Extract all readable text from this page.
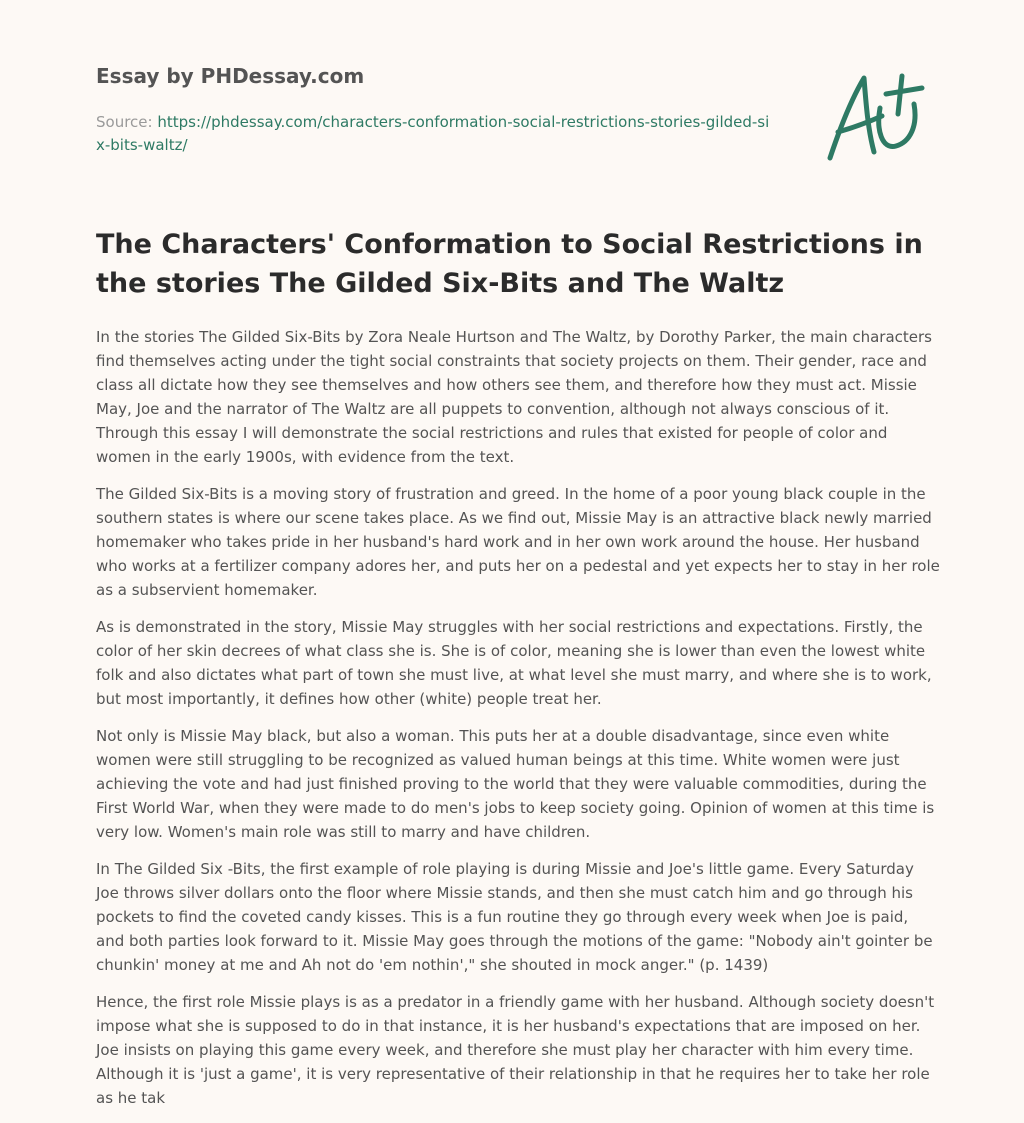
Essay by PHDessay.com

Source: https://phdessay.com/characters-conformation-social-restrictions-stories-gilded-six-bits-waltz/

The Characters' Conformation to Social Restrictions in the stories The Gilded Six-Bits and The Waltz

In the stories The Gilded Six-Bits by Zora Neale Hurtson and The Waltz, by Dorothy Parker, the main characters find themselves acting under the tight social constraints that society projects on them. Their gender, race and class all dictate how they see themselves and how others see them, and therefore how they must act. Missie May, Joe and the narrator of The Waltz are all puppets to convention, although not always conscious of it. Through this essay I will demonstrate the social restrictions and rules that existed for people of color and women in the early 1900s, with evidence from the text.

The Gilded Six-Bits is a moving story of frustration and greed. In the home of a poor young black couple in the southern states is where our scene takes place. As we find out, Missie May is an attractive black newly married homemaker who takes pride in her husband's hard work and in her own work around the house. Her husband who works at a fertilizer company adores her, and puts her on a pedestal and yet expects her to stay in her role as a subservient homemaker.

As is demonstrated in the story, Missie May struggles with her social restrictions and expectations. Firstly, the color of her skin decrees of what class she is. She is of color, meaning she is lower than even the lowest white folk and also dictates what part of town she must live, at what level she must marry, and where she is to work, but most importantly, it defines how other (white) people treat her.

Not only is Missie May black, but also a woman. This puts her at a double disadvantage, since even white women were still struggling to be recognized as valued human beings at this time. White women were just achieving the vote and had just finished proving to the world that they were valuable commodities, during the First World War, when they were made to do men's jobs to keep society going. Opinion of women at this time is very low. Women's main role was still to marry and have children.

In The Gilded Six -Bits, the first example of role playing is during Missie and Joe's little game. Every Saturday Joe throws silver dollars onto the floor where Missie stands, and then she must catch him and go through his pockets to find the coveted candy kisses. This is a fun routine they go through every week when Joe is paid, and both parties look forward to it. Missie May goes through the motions of the game: "Nobody ain't gointer be chunkin' money at me and Ah not do 'em nothin'," she shouted in mock anger." (p. 1439)

Hence, the first role Missie plays is as a predator in a friendly game with her husband. Although society doesn't impose what she is supposed to do in that instance, it is her husband's expectations that are imposed on her. Joe insists on playing this game every week, and therefore she must play her character with him every time. Although it is 'just a game', it is very representative of their relationship in that he requires her to take her role as he tak
